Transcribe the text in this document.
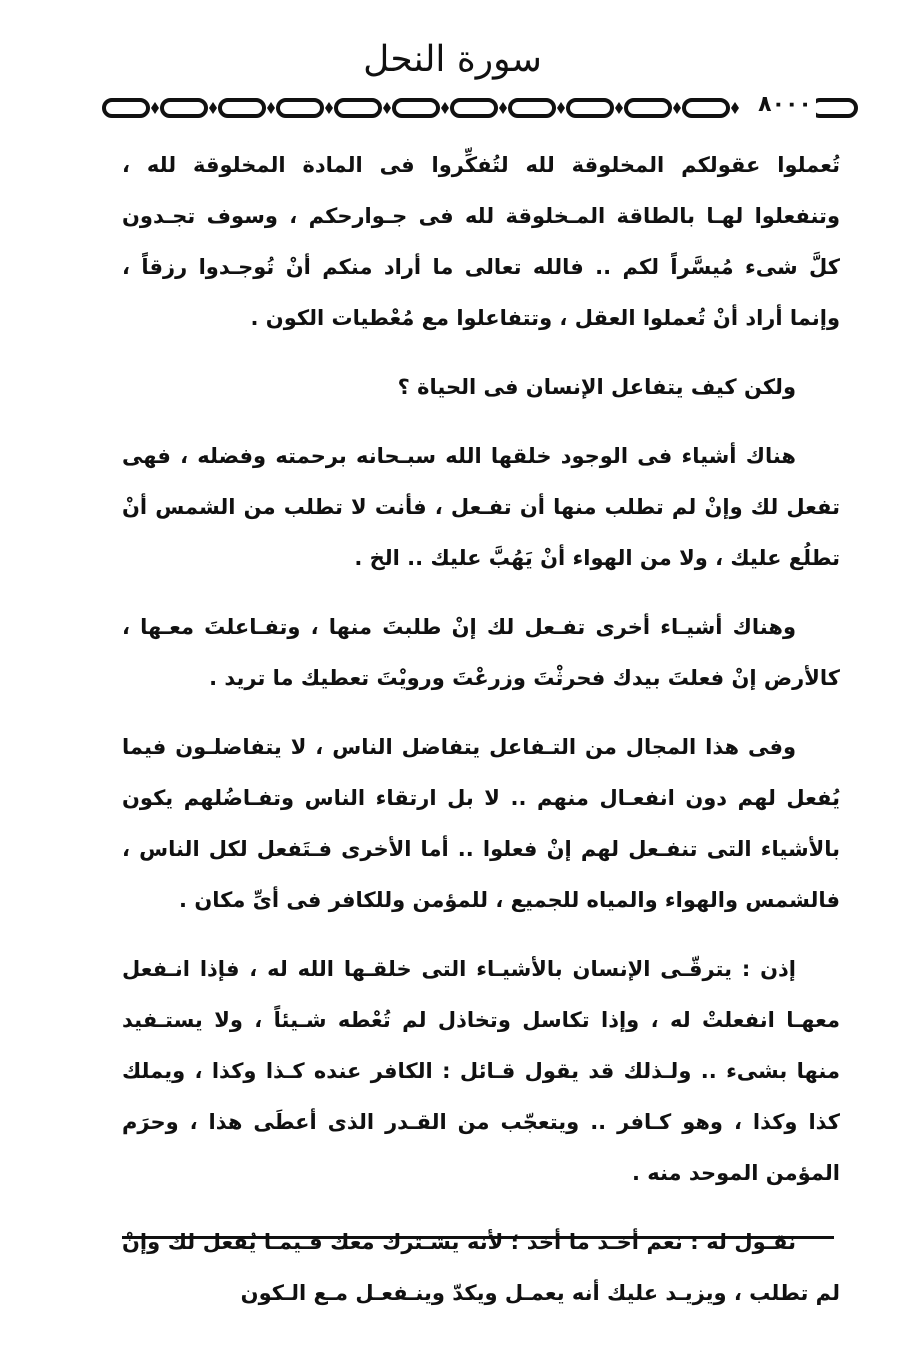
سورة النحل
۸۰۰۰

تُعملوا عقولكم المخلوقة لله لتُفكِّروا فى المادة المخلوقة لله ، وتنفعلوا لهـا بالطاقة المـخلوقة لله فى جـوارحكم ، وسوف تجـدون كلَّ شىء مُيسَّراً لكم .. فالله تعالى ما أراد منكم أنْ تُوجـدوا رزقاً ، وإنما أراد أنْ تُعملوا العقل ، وتتفاعلوا مع مُعْطيات الكون .

ولكن كيف يتفاعل الإنسان فى الحياة ؟

هناك أشياء فى الوجود خلقها الله سبـحانه برحمته وفضله ، فهى تفعل لك وإنْ لم تطلب منها أن تفـعل ، فأنت لا تطلب من الشمس أنْ تطلُع عليك ، ولا من الهواء أنْ يَهُبَّ عليك .. الخ .

وهناك أشيـاء أخرى تفـعل لك إنْ طلبتَ منها ، وتفـاعلتَ معـها ، كالأرض إنْ فعلتَ بيدك فحرثْتَ وزرعْتَ ورويْتَ تعطيك ما تريد .

وفى هذا المجال من التـفاعل يتفاضل الناس ، لا يتفاضلـون فيما يُفعل لهم دون انفعـال منهم .. لا بل ارتقاء الناس وتفـاضُلهم يكون بالأشياء التى تنفـعل لهم إنْ فعلوا .. أما الأخرى فـتَفعل لكل الناس ، فالشمس والهواء والمياه للجميع ، للمؤمن وللكافر فى أىِّ مكان .

إذن : يترقّـى الإنسان بالأشيـاء التى خلقـها الله له ، فإذا انـفعل معهـا انفعلتْ له ، وإذا تكاسل وتخاذل لم تُعْطه شـيئاً ، ولا يستـفيد منها بشىء .. ولـذلك قد يقول قـائل : الكافر عنده كـذا وكذا ، ويملك كذا وكذا ، وهو كـافر .. ويتعجّب من القـدر الذى أعطَى هذا ، وحرَم المؤمن الموحد منه .

نقـول له : نعم أخـذ ما أخذ ؛ لأنه يشـترك معك فـيمـا يُفعل لك وإنْ لم تطلب ، ويزيـد عليك أنه يعمـل ويكدّ وينـفعـل مـع الـكون
